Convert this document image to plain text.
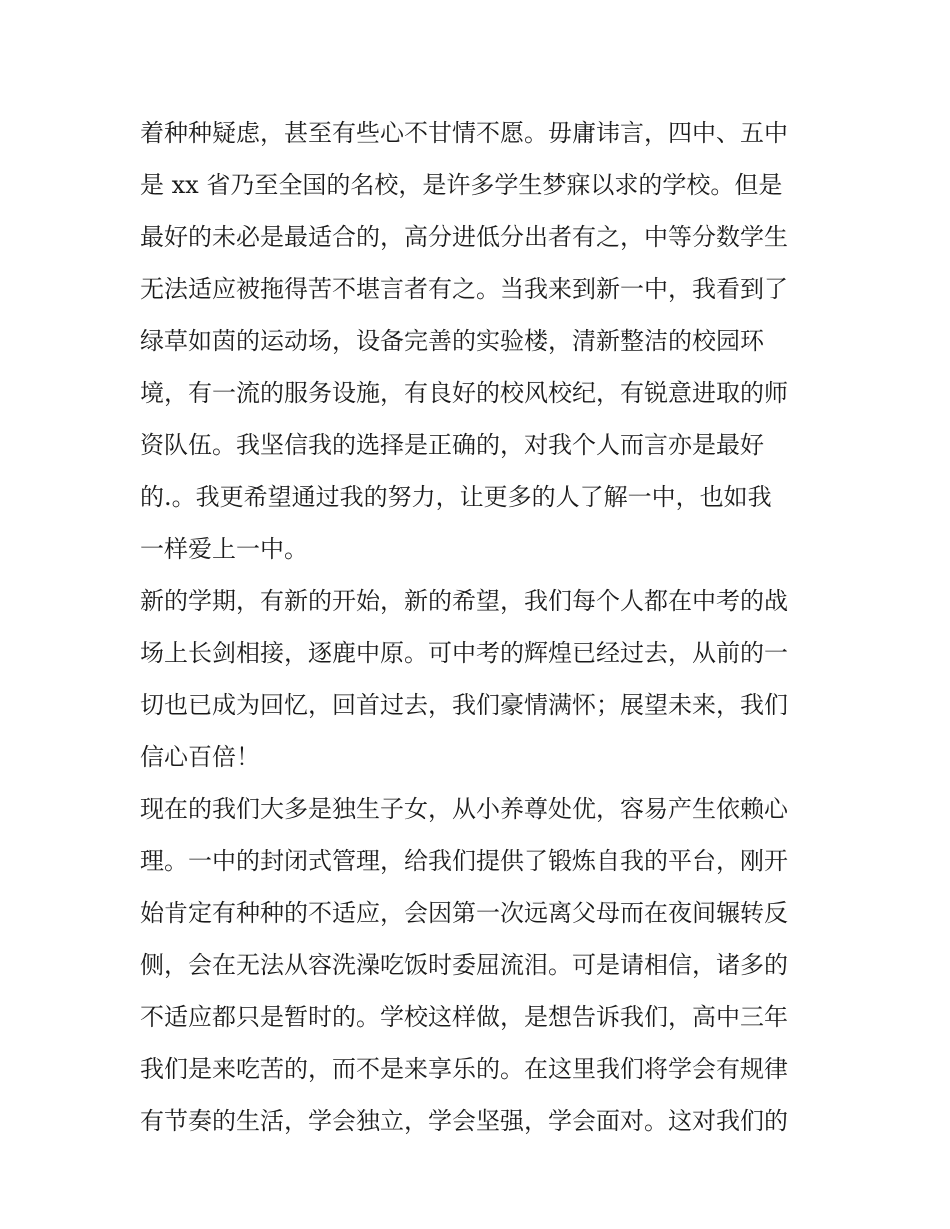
着种种疑虑，甚至有些心不甘情不愿。毋庸讳言，四中、五中
是 xx 省乃至全国的名校，是许多学生梦寐以求的学校。但是
最好的未必是最适合的，高分进低分出者有之，中等分数学生
无法适应被拖得苦不堪言者有之。当我来到新一中，我看到了
绿草如茵的运动场，设备完善的实验楼，清新整洁的校园环
境，有一流的服务设施，有良好的校风校纪，有锐意进取的师
资队伍。我坚信我的选择是正确的，对我个人而言亦是最好
的.。我更希望通过我的努力，让更多的人了解一中，也如我
一样爱上一中。
新的学期，有新的开始，新的希望，我们每个人都在中考的战
场上长剑相接，逐鹿中原。可中考的辉煌已经过去，从前的一
切也已成为回忆，回首过去，我们豪情满怀；展望未来，我们
信心百倍！
现在的我们大多是独生子女，从小养尊处优，容易产生依赖心
理。一中的封闭式管理，给我们提供了锻炼自我的平台，刚开
始肯定有种种的不适应，会因第一次远离父母而在夜间辗转反
侧，会在无法从容洗澡吃饭时委屈流泪。可是请相信，诸多的
不适应都只是暂时的。学校这样做，是想告诉我们，高中三年
我们是来吃苦的，而不是来享乐的。在这里我们将学会有规律
有节奏的生活，学会独立，学会坚强，学会面对。这对我们的
